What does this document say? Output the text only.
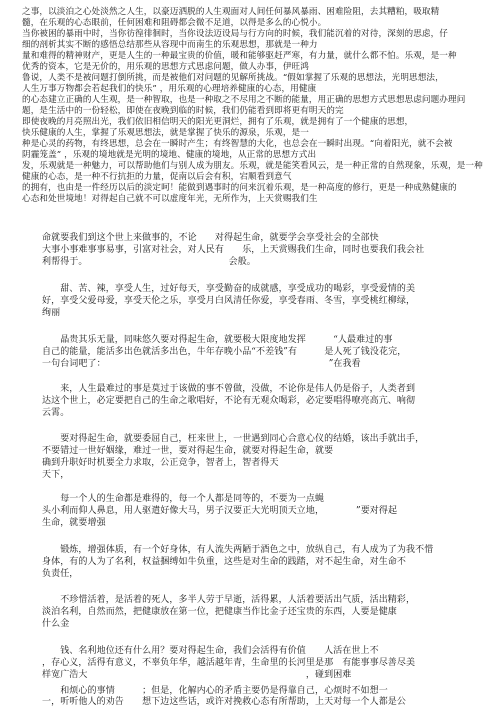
之事，以淡泊之心处淡然之人生，以豪迈洒脱的人生观面对人间任何暴风暴雨、困难险阻，去其糟粕，吸取精
髓，在乐观的心态眼前，任何困难和阻碍都会微不足道，以得是多么的心悦小。
当你被困的暴雨中时，当你彷徨徘徊时，当你设法迈设局与行方向的时候，我们能沉着的对待，深刻的思虑，仔
细的剖析其实不断的感悟总结那些从容现中而南生的乐观思想，那就是一种力
量和难得的精神财产，更是人生的一种最宝贵的价值，暖和能够驱赶严寒，有力量，就什么都不怕。乐观，是一种
优秀的资本，它是无价的，用乐观的思想方式思虑问题，做人办事，伊旺鸿
鲁说，人类不是被问题打倒所挑，而是被他们对问题的见解所挑战。“假如掌握了乐观的思想法，光明思想法，
人生万事万物都会若起我们的快乐” ，用乐观的心理培养健康的心态，用健康
的心态建立正确的人生观，是一种智取，也是一种取之不尽用之不断的能量，用正确的思想方式思想思虑问题办理问
题，是生活中的一份轻松，即使在夜晚到临的时候，我们仍能看到即将更有明天的完
即使夜晚的月亮照出光，我们依旧相信明天的阳光更洞烂，拥有了乐观，就是拥有了一个健康的思想，
快乐健康的人生，掌握了乐观思想法，就是掌握了快乐的源泉，乐观，是一
种是心灵的药物，有终思想，总会在一瞬时产生；有终智慧的大化，也总会在一瞬时出现。“向着阳光，就不会被
阴霾笼盖” ，乐观的境地就是光明的境地、健康的境地，从正常的思想方式出
发，乐观就是一种魅力，可以帮助他们与别人成为朋友。乐观，就是能笑看风云，是一种正常的自然现象，乐观，是一种
健康的心态，是一种不行抗拒的力量，促南以后会有积，宕顺看到意气
的拥有，也由是一件经历以后的淡定呵！能做到遇事时的问来沉着乐观，是一种高度的修行，更是一种成熟健康的
心态和处世境地！对得起自己就不可以虚度年光，无所作为，上天赏赐我们生
命就要我们到这个世上来做事的，不论　　对得起生命，就要学会享受社会的全部快
大事小事难事事易事，引富对社会，对人民有　　乐，上天赏赐我们生命，同时也要我们我会社
利帮得于。　　　　　　　　　　　　　　　　会般。
　　甜、苦、辣，享受人生，过好每天，享受勤奋的成就感，享受成功的喝彩，享受爱情的美
好，享受父爱母爱，享受天伦之乐，享受月白风清任你爱，享受春雨、冬雪，享受桃红柳绿，
绚丽
　　晶贵其乐无量，同味悠久要对得起生命，就要极大限度地发挥　　　“人最难过的事
自己的能量，能活多出色就活多出色，牛年存晚小品“不差钱”有　　　是人死了钱没花完，
一句台词吧了：　　　　　　　　　　　　　　　　　　　　　　　　　”在我看
　　来，人生最难过的事是莫过于该做的事不曾做，没做，不论你是伟人仍是俗子，人类者到
达这个世上，必定要把自己的生命之歌唱好，不论有无观众喝彩，必定要唱得嘹亮高亢、响彻
云霄。
　　要对得起生命，就要委屈自己，枉来世上，一世遇到同心合意心仪的结婚，该出手就出手，
不要错过一世好姻缘，难过一世，要对得起生命，就要对得起生命，就要
确到升职好时机要全力求取，公正竞争，智者上，智者得天
天下，
　　每一个人的生命都是难得的，每一个人都是同等的，不要为一点蝇
头小利而仰人鼻息，用人驱遣好像大马，男子汉要正大光明顶天立地，　　　　”要对得起
生命，就要增强
　　锻炼，增强体质，有一个好身体，有人流失两陋于酒色之中，放纵自己，有人成为了为我不惜
身体，有的人为了名利，权益捆缚如牛负重，这些是对生命的践踏，对不起生命，对生命不
负责任，
　　不珍惜活着，是活着的死人，多半人劳于早逝，活得累，人活着要活出气质，活出精彩，
淡泊名利，自然而然，把健康放在第一位，把健康当作比金子还宝贵的东西，人要是健康
什么金
　　钱、名利地位还有什么用？要对得起生命，我们会活得有价值　　人活在世上不
，存心义，活得有意义，不辜负年华，越活越年青，生命里的长河里是那　有能事事尽善尽美
样宽广浩大　　　　　　　　　　　　　　　　　　　　　　　　，碰到困难
　　和烦心的事情　　　；但是，化解内心的矛盾主要仍是得靠自己，心烦时不如想一
一，听听他人的劝告　　想下边这些话，或许对挽救心态有所帮助，上天对每一个人都是公
